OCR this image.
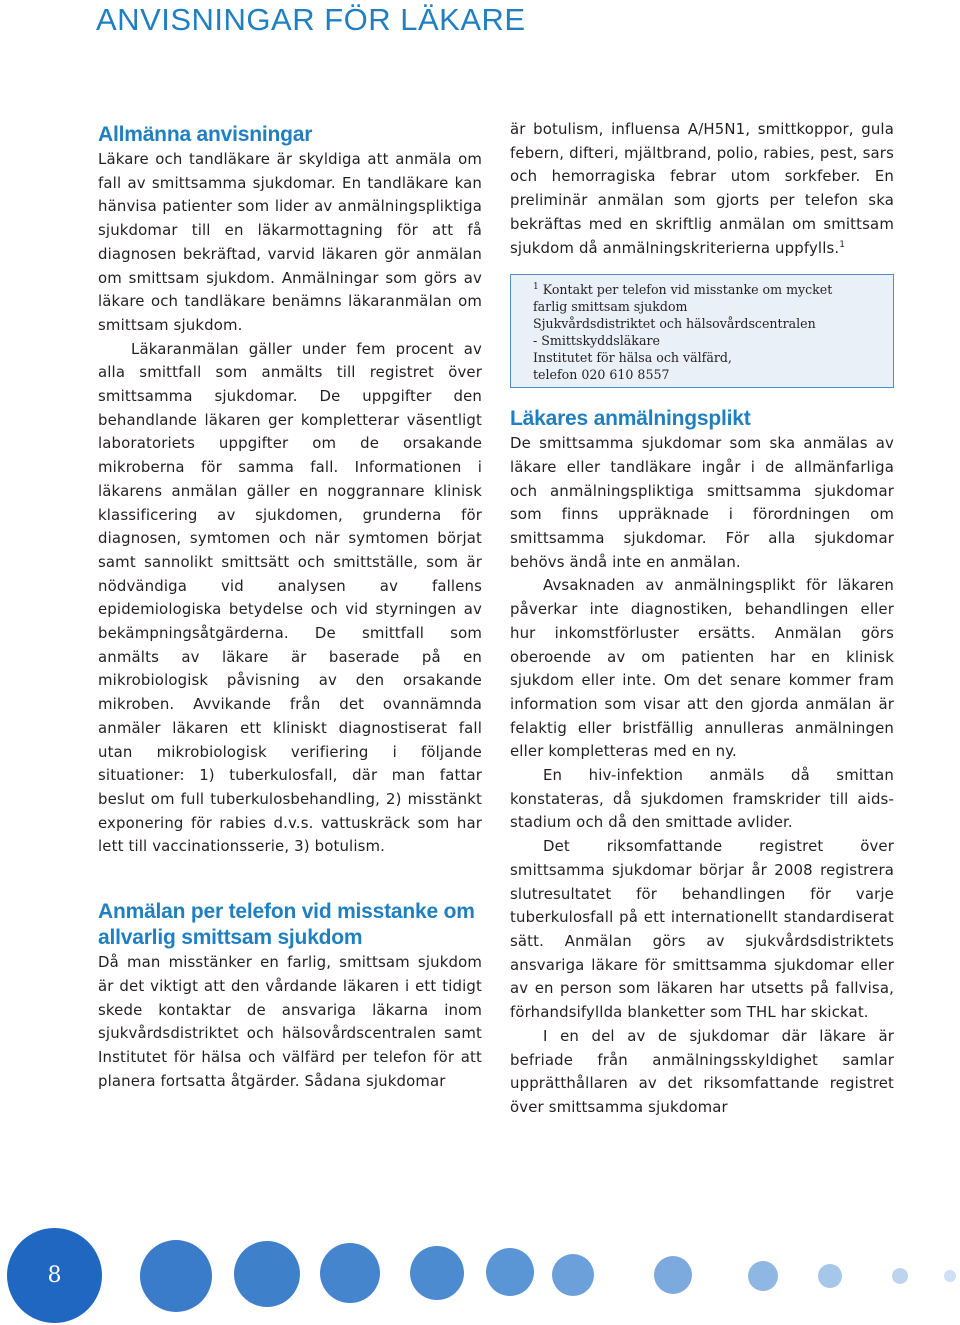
ANVISNINGAR FÖR LÄKARE
Allmänna anvisningar

Läkare och tandläkare är skyldiga att anmäla om fall av smittsamma sjukdomar. En tandläkare kan hänvisa patienter som lider av anmälningspliktiga sjukdomar till en läkarmottagning för att få diagnosen bekräftad, varvid läkaren gör anmälan om smittsam sjukdom. Anmälningar som görs av läkare och tandläkare benämns läkaranmälan om smittsam sjukdom.

Läkaranmälan gäller under fem procent av alla smittfall som anmälts till registret över smittsamma sjukdomar. De uppgifter den behandlande läkaren ger kompletterar väsentligt laboratoriets uppgifter om de orsakande mikroberna för samma fall. Informationen i läkarens anmälan gäller en noggrannare klinisk klassificering av sjukdomen, grunderna för diagnosen, symtomen och när symtomen börjat samt sannolikt smittsätt och smittställe, som är nödvändiga vid analysen av fallens epidemiologiska betydelse och vid styrningen av bekämpningsåtgärderna. De smittfall som anmälts av läkare är baserade på en mikrobiologisk påvisning av den orsakande mikroben. Avvikande från det ovannämnda anmäler läkaren ett kliniskt diagnostiserat fall utan mikrobiologisk verifiering i följande situationer: 1) tuberkulosfall, där man fattar beslut om full tuberkulosbehandling, 2) misstänkt exponering för rabies d.v.s. vattuskräck som har lett till vaccinationsserie, 3) botulism.

Anmälan per telefon vid misstanke om allvarlig smittsam sjukdom

Då man misstänker en farlig, smittsam sjukdom är det viktigt att den vårdande läkaren i ett tidigt skede kontaktar de ansvariga läkarna inom sjukvårdsdistriktet och hälsovårdscentralen samt Institutet för hälsa och välfärd per telefon för att planera fortsatta åtgärder. Sådana sjukdomar

är botulism, influensa A/H5N1, smittkoppor, gula febern, difteri, mjältbrand, polio, rabies, pest, sars och hemorragiska febrar utom sorkfeber. En preliminär anmälan som gjorts per telefon ska bekräftas med en skriftlig anmälan om smittsam sjukdom då anmälningskriterierna uppfylls.$^1$

$^1$ Kontakt per telefon vid misstanke om mycket
farlig smittsam sjukdom
Sjukvårdsdistriktet och hälsovårdscentralen
- Smittskyddsläkare
Institutet för hälsa och välfärd,
telefon 020 610 8557
Läkares anmälningsplikt

De smittsamma sjukdomar som ska anmälas av läkare eller tandläkare ingår i de allmänfarliga och anmälningspliktiga smittsamma sjukdomar som finns uppräknade i förordningen om smittsamma sjukdomar. För alla sjukdomar behövs ändå inte en anmälan.

Avsaknaden av anmälningsplikt för läkaren påverkar inte diagnostiken, behandlingen eller hur inkomstförluster ersätts. Anmälan görs oberoende av om patienten har en klinisk sjukdom eller inte. Om det senare kommer fram information som visar att den gjorda anmälan är felaktig eller bristfällig annulleras anmälningen eller kompletteras med en ny.

En hiv-infektion anmäls då smittan konstateras, då sjukdomen framskrider till aids-stadium och då den smittade avlider.

Det riksomfattande registret över smittsamma sjukdomar börjar år 2008 registrera slutresultatet för behandlingen för varje tuberkulosfall på ett internationellt standardiserat sätt. Anmälan görs av sjukvårdsdistriktets ansvariga läkare för smittsamma sjukdomar eller av en person som läkaren har utsetts på fallvisa, förhandsifyllda blanketter som THL har skickat.

I en del av de sjukdomar där läkare är befriade från anmälningsskyldighet samlar upprätthållaren av det riksomfattande registret över smittsamma sjukdomar

8
